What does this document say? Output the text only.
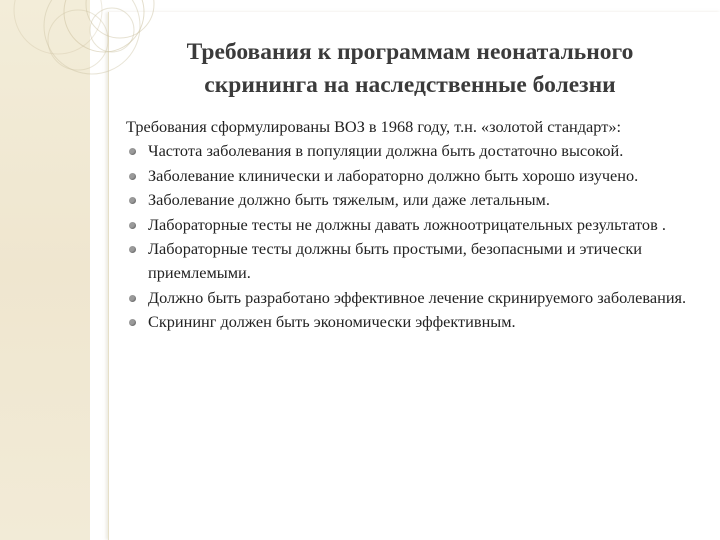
Требования к программам неонатального скрининга на наследственные болезни

Требования сформулированы ВОЗ в 1968 году, т.н. «золотой стандарт»:

Частота заболевания в популяции должна быть достаточно высокой.
Заболевание клинически и лабораторно должно быть хорошо изучено.
Заболевание должно быть тяжелым, или даже летальным.
Лабораторные тесты не должны давать ложноотрицательных результатов .
Лабораторные тесты должны быть простыми, безопасными и этически приемлемыми.
Должно быть разработано эффективное лечение скринируемого заболевания.
Скрининг должен быть экономически эффективным.
